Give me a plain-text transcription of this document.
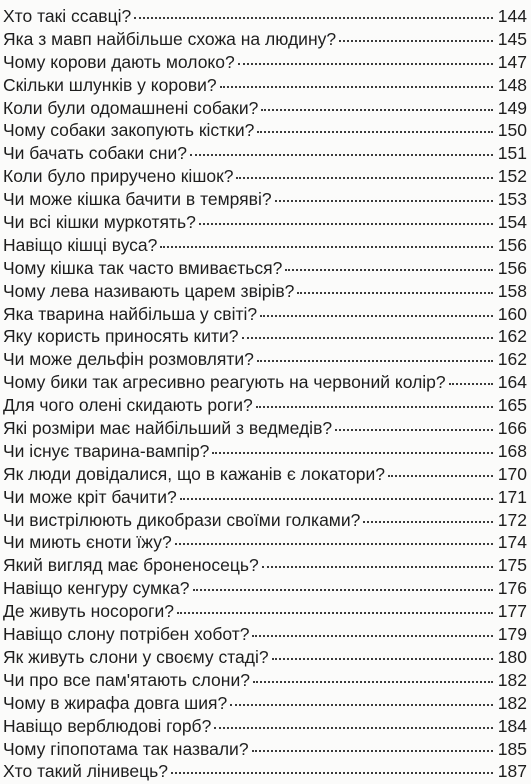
Хто такі ссавці?	144
Яка з мавп найбільше схожа на людину?	145
Чому корови дають молоко?	147
Скільки шлунків у корови?	148
Коли були одомашнені собаки?	149
Чому собаки закопують кістки?	150
Чи бачать собаки сни?	151
Коли було приручено кішок?	152
Чи може кішка бачити в темряві?	153
Чи всі кішки муркотять?	154
Навіщо кішці вуса?	156
Чому кішка так часто вмивається?	156
Чому лева називають царем звірів?	158
Яка тварина найбільша у світі?	160
Яку користь приносять кити?	162
Чи може дельфін розмовляти?	162
Чому бики так агресивно реагують на червоний колір?	164
Для чого олені скидають роги?	165
Які розміри має найбільший з ведмедів?	166
Чи існує тварина-вампір?	168
Як люди довідалися, що в кажанів є локатори?	170
Чи може кріт бачити?	171
Чи вистрілюють дикобрази своїми голками?	172
Чи миють єноти їжу?	174
Який вигляд має броненосець?	175
Навіщо кенгуру сумка?	176
Де живуть носороги?	177
Навіщо слону потрібен хобот?	179
Як живуть слони у своєму стаді?	180
Чи про все пам'ятають слони?	182
Чому в жирафа довга шия?	182
Навіщо верблюдові горб?	184
Чому гіпопотама так назвали?	185
Хто такий лінивець?	187
